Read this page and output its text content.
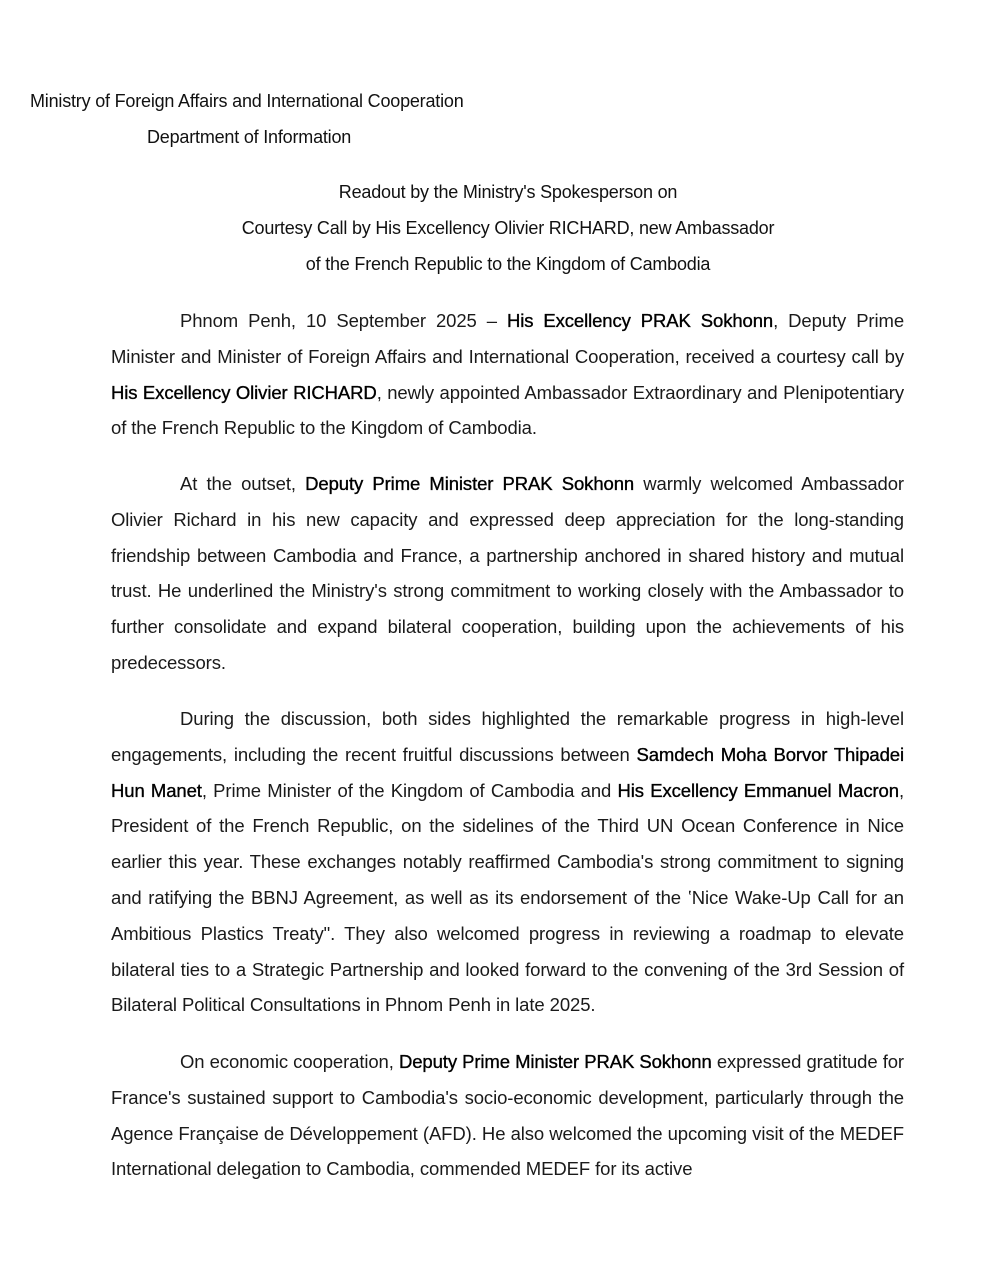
Ministry of Foreign Affairs and International Cooperation
Department of Information
Readout by the Ministryʹs Spokesperson on
Courtesy Call by His Excellency Olivier RICHARD, new Ambassador
of the French Republic to the Kingdom of Cambodia

Phnom Penh, 10 September 2025 – His Excellency PRAK Sokhonn, Deputy Prime Minister and Minister of Foreign Affairs and International Cooperation, received a courtesy call by His Excellency Olivier RICHARD, newly appointed Ambassador Extraordinary and Plenipotentiary of the French Republic to the Kingdom of Cambodia.

At the outset, Deputy Prime Minister PRAK Sokhonn warmly welcomed Ambassador Olivier Richard in his new capacity and expressed deep appreciation for the long-standing friendship between Cambodia and France, a partnership anchored in shared history and mutual trust. He underlined the Ministryʹs strong commitment to working closely with the Ambassador to further consolidate and expand bilateral cooperation, building upon the achievements of his predecessors.

During the discussion, both sides highlighted the remarkable progress in high-level engagements, including the recent fruitful discussions between Samdech Moha Borvor Thipadei Hun Manet, Prime Minister of the Kingdom of Cambodia and His Excellency Emmanuel Macron, President of the French Republic, on the sidelines of the Third UN Ocean Conference in Nice earlier this year. These exchanges notably reaffirmed Cambodiaʹs strong commitment to signing and ratifying the BBNJ Agreement, as well as its endorsement of the ʽNice Wake-Up Call for an Ambitious Plastics Treatyʺ. They also welcomed progress in reviewing a roadmap to elevate bilateral ties to a Strategic Partnership and looked forward to the convening of the 3rd Session of Bilateral Political Consultations in Phnom Penh in late 2025.

On economic cooperation, Deputy Prime Minister PRAK Sokhonn expressed gratitude for Franceʹs sustained support to Cambodiaʹs socio-economic development, particularly through the Agence Française de Développement (AFD). He also welcomed the upcoming visit of the MEDEF International delegation to Cambodia, commended MEDEF for its active
